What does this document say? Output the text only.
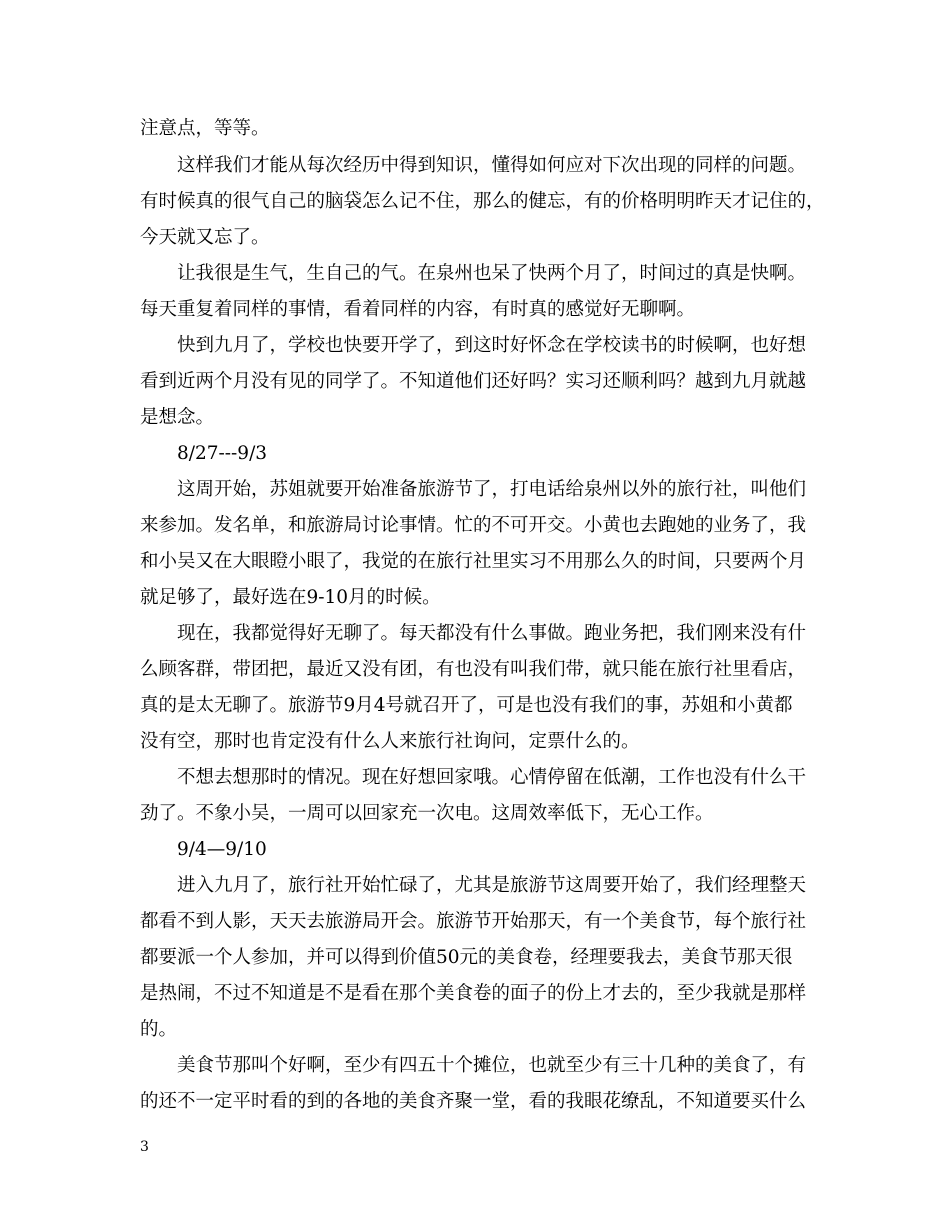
注意点，等等。
这样我们才能从每次经历中得到知识，懂得如何应对下次出现的同样的问题。
有时候真的很气自己的脑袋怎么记不住，那么的健忘，有的价格明明昨天才记住的，
今天就又忘了。
让我很是生气，生自己的气。在泉州也呆了快两个月了，时间过的真是快啊。
每天重复着同样的事情，看着同样的内容，有时真的感觉好无聊啊。
快到九月了，学校也快要开学了，到这时好怀念在学校读书的时候啊，也好想
看到近两个月没有见的同学了。不知道他们还好吗？实习还顺利吗？越到九月就越
是想念。
8/27---9/3
这周开始，苏姐就要开始准备旅游节了，打电话给泉州以外的旅行社，叫他们
来参加。发名单，和旅游局讨论事情。忙的不可开交。小黄也去跑她的业务了，我
和小吴又在大眼瞪小眼了，我觉的在旅行社里实习不用那么久的时间，只要两个月
就足够了，最好选在9-10月的时候。
现在，我都觉得好无聊了。每天都没有什么事做。跑业务把，我们刚来没有什
么顾客群，带团把，最近又没有团，有也没有叫我们带，就只能在旅行社里看店，
真的是太无聊了。旅游节9月4号就召开了，可是也没有我们的事，苏姐和小黄都
没有空，那时也肯定没有什么人来旅行社询问，定票什么的。
不想去想那时的情况。现在好想回家哦。心情停留在低潮，工作也没有什么干
劲了。不象小吴，一周可以回家充一次电。这周效率低下，无心工作。
9/4—9/10
进入九月了，旅行社开始忙碌了，尤其是旅游节这周要开始了，我们经理整天
都看不到人影，天天去旅游局开会。旅游节开始那天，有一个美食节，每个旅行社
都要派一个人参加，并可以得到价值50元的美食卷，经理要我去，美食节那天很
是热闹，不过不知道是不是看在那个美食卷的面子的份上才去的，至少我就是那样
的。
美食节那叫个好啊，至少有四五十个摊位，也就至少有三十几种的美食了，有
的还不一定平时看的到的各地的美食齐聚一堂，看的我眼花缭乱，不知道要买什么
3
